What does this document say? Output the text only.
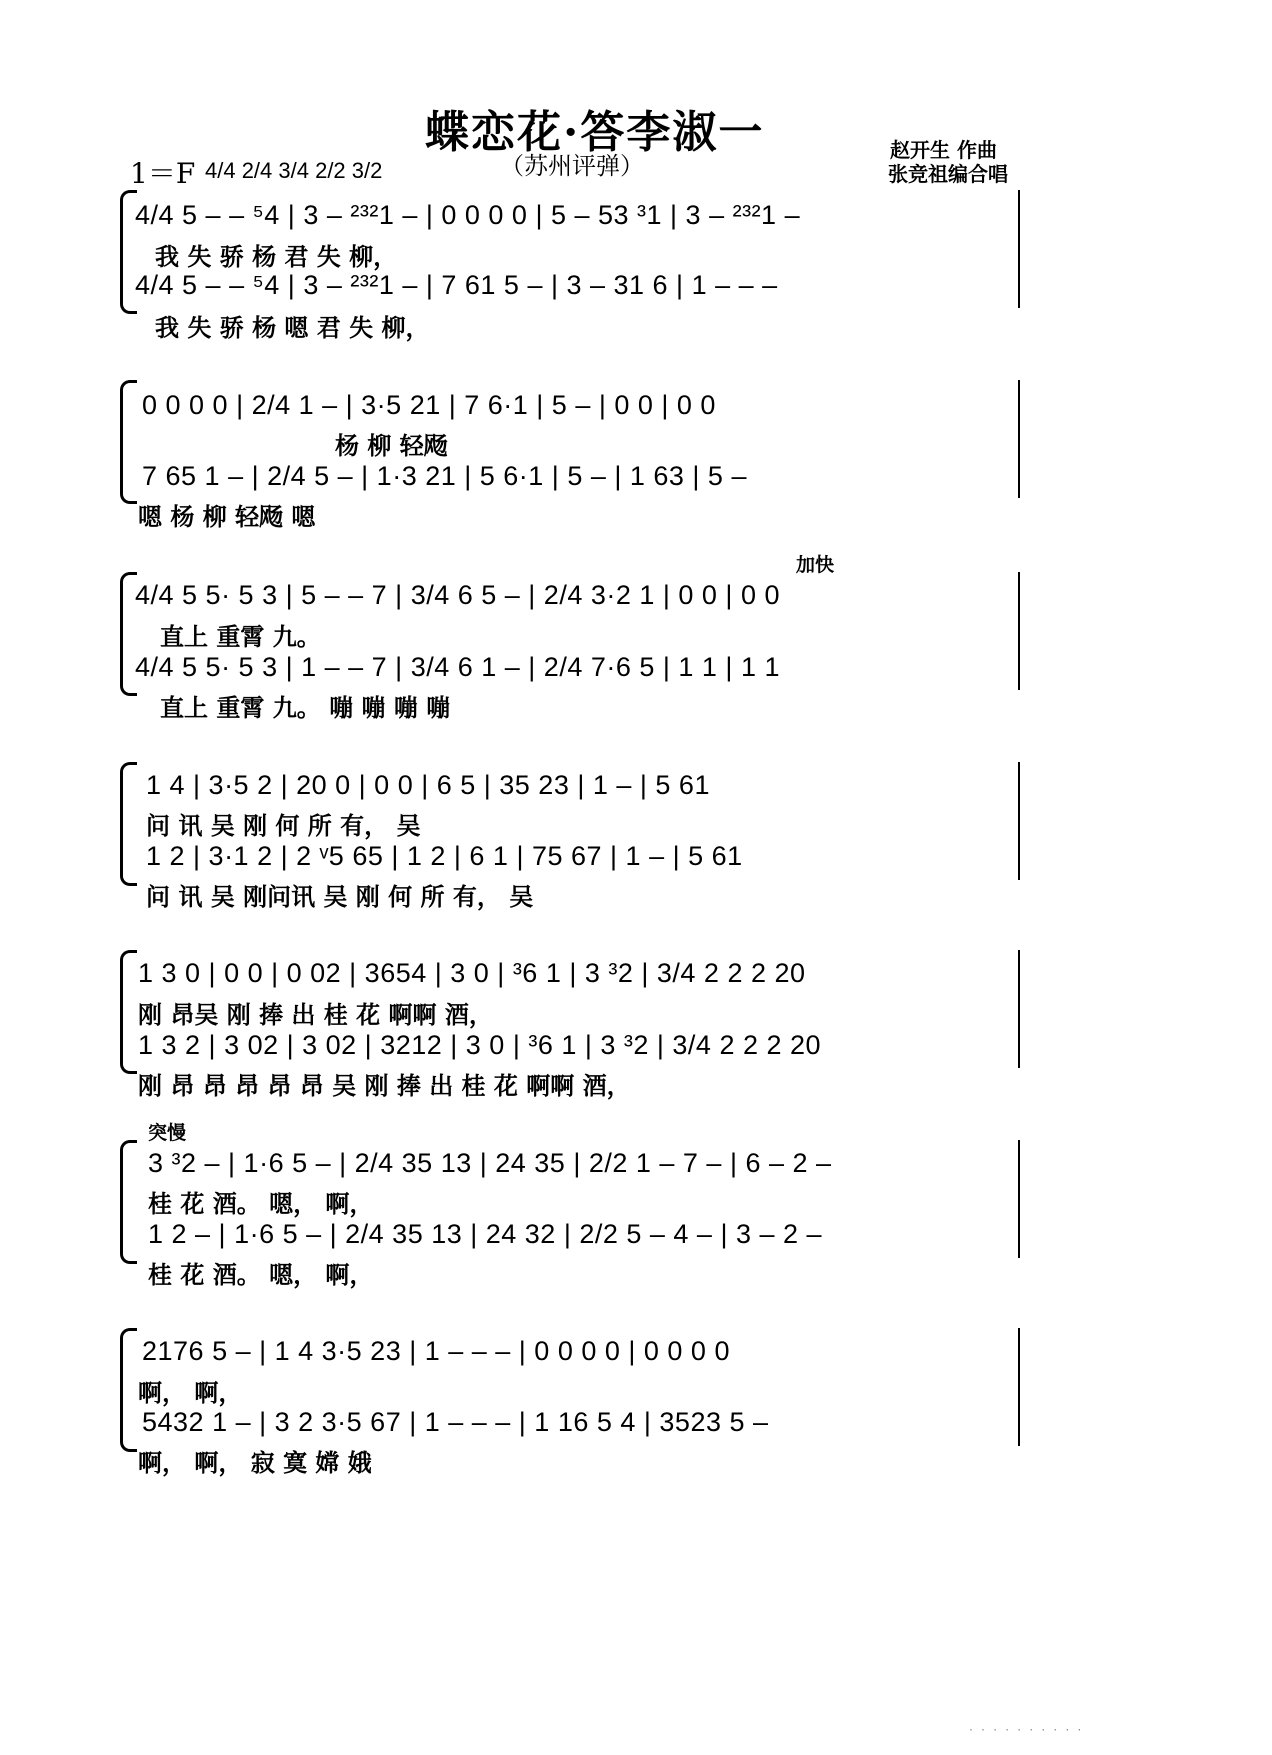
蝶恋花·答李淑一
（苏州评弹）
1＝F 4/4 2/4 3/4 2/2 3/2
赵开生 作曲
张竞祖编合唱
4/4 5 – – ⁵4 | 3 – ²³²1 – | 0 0 0 0 | 5 – 53 ³1 | 3 – ²³²1 –
我 失 骄 杨 君 失 柳，
4/4 5 – – ⁵4 | 3 – ²³²1 – | 7 61 5 – | 3 – 31 6 | 1 – – –
我 失 骄 杨 嗯 君 失 柳，
0 0 0 0 | 2/4 1 – | 3·5 21 | 7 6·1 | 5 – | 0 0 | 0 0
杨 柳 轻飏
7 65 1 – | 2/4 5 – | 1·3 21 | 5 6·1 | 5 – | 1 63 | 5 –
嗯 杨 柳 轻飏 嗯
加快
4/4 5 5· 5 3 | 5 – – 7 | 3/4 6 5 – | 2/4 3·2 1 | 0 0 | 0 0
直上 重霄 九。
4/4 5 5· 5 3 | 1 – – 7 | 3/4 6 1 – | 2/4 7·6 5 | 1 1 | 1 1
直上 重霄 九。 嘣 嘣 嘣 嘣
1 4 | 3·5 2 | 20 0 | 0 0 | 6 5 | 35 23 | 1 – | 5 61
问 讯 吴 刚 何 所 有， 吴
1 2 | 3·1 2 | 2 ᵛ5 65 | 1 2 | 6 1 | 75 67 | 1 – | 5 61
问 讯 吴 刚问讯 吴 刚 何 所 有， 吴
1 3 0 | 0 0 | 0 02 | 3654 | 3 0 | ³6 1 | 3 ³2 | 3/4 2 2 2 20
刚 昂吴 刚 捧 出 桂 花 啊啊 酒，
1 3 2 | 3 02 | 3 02 | 3212 | 3 0 | ³6 1 | 3 ³2 | 3/4 2 2 2 20
刚 昂 昂 昂 昂 昂 吴 刚 捧 出 桂 花 啊啊 酒，
突慢
3 ³2 – | 1·6 5 – | 2/4 35 13 | 24 35 | 2/2 1 – 7 – | 6 – 2 –
桂 花 酒。 嗯， 啊，
1 2 – | 1·6 5 – | 2/4 35 13 | 24 32 | 2/2 5 – 4 – | 3 – 2 –
桂 花 酒。 嗯， 啊，
2176 5 – | 1 4 3·5 23 | 1 – – – | 0 0 0 0 | 0 0 0 0
啊， 啊，
5432 1 – | 3 2 3·5 67 | 1 – – – | 1 16 5 4 | 3523 5 –
啊， 啊， 寂 寞 嫦 娥
· · · · · · · · · ·
